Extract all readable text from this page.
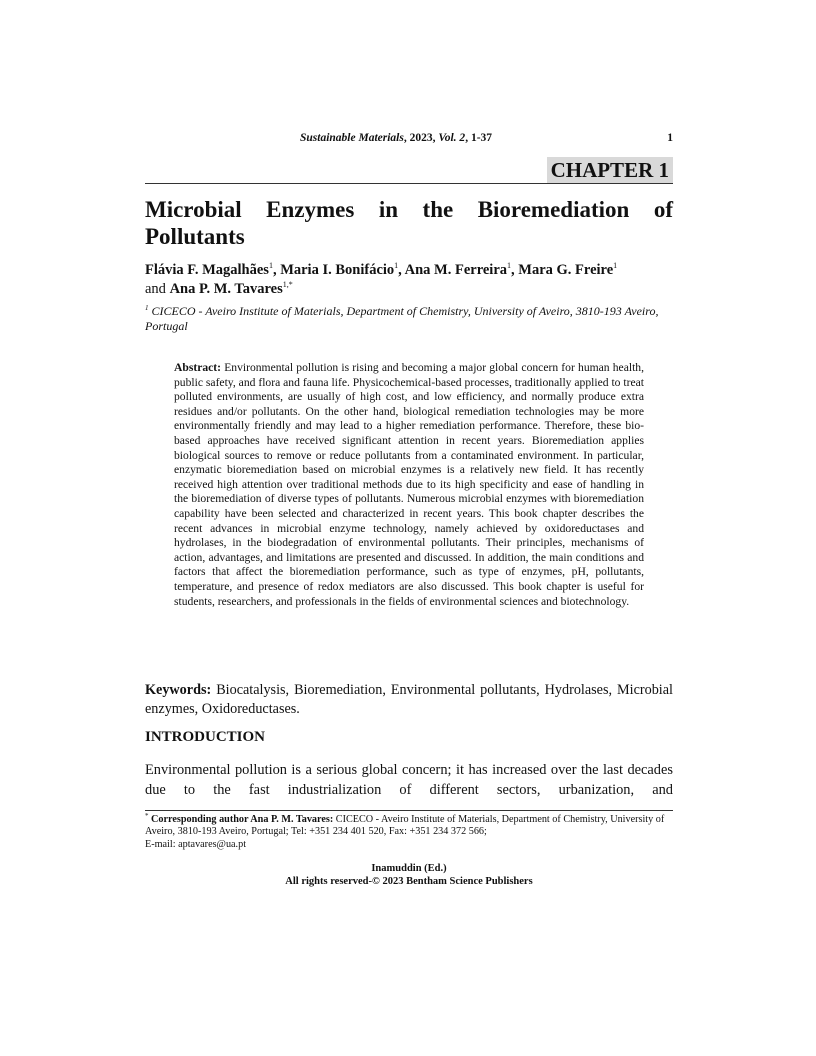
Sustainable Materials, 2023, Vol. 2, 1-37	1
CHAPTER 1
Microbial Enzymes in the Bioremediation of Pollutants

Flávia F. Magalhães$^1$, Maria I. Bonifácio$^1$, Ana M. Ferreira$^1$, Mara G. Freire$^1$
and Ana P. M. Tavares$^{1,*}$

$^1$ CICECO - Aveiro Institute of Materials, Department of Chemistry, University of Aveiro, 3810-193 Aveiro, Portugal

Abstract: Environmental pollution is rising and becoming a major global concern for human health, public safety, and flora and fauna life. Physicochemical-based processes, traditionally applied to treat polluted environments, are usually of high cost, and low efficiency, and normally produce extra residues and/or pollutants. On the other hand, biological remediation technologies may be more environmentally friendly and may lead to a higher remediation performance. Therefore, these bio-based approaches have received significant attention in recent years. Bioremediation applies biological sources to remove or reduce pollutants from a contaminated environment. In particular, enzymatic bioremediation based on microbial enzymes is a relatively new field. It has recently received high attention over traditional methods due to its high specificity and ease of handling in the bioremediation of diverse types of pollutants. Numerous microbial enzymes with bioremediation capability have been selected and characterized in recent years. This book chapter describes the recent advances in microbial enzyme technology, namely achieved by oxidoreductases and hydrolases, in the biodegradation of environmental pollutants. Their principles, mechanisms of action, advantages, and limitations are presented and discussed. In addition, the main conditions and factors that affect the bioremediation performance, such as type of enzymes, pH, pollutants, temperature, and presence of redox mediators are also discussed. This book chapter is useful for students, researchers, and professionals in the fields of environmental sciences and biotechnology.

Keywords: Biocatalysis, Bioremediation, Environmental pollutants, Hydrolases, Microbial enzymes, Oxidoreductases.

INTRODUCTION

Environmental pollution is a serious global concern; it has increased over the last decades due to the fast industrialization of different sectors, urbanization, and

* Corresponding author Ana P. M. Tavares: CICECO - Aveiro Institute of Materials, Department of Chemistry, University of Aveiro, 3810-193 Aveiro, Portugal; Tel: +351 234 401 520, Fax: +351 234 372 566;
E-mail: aptavares@ua.pt

Inamuddin (Ed.)
All rights reserved-© 2023 Bentham Science Publishers
